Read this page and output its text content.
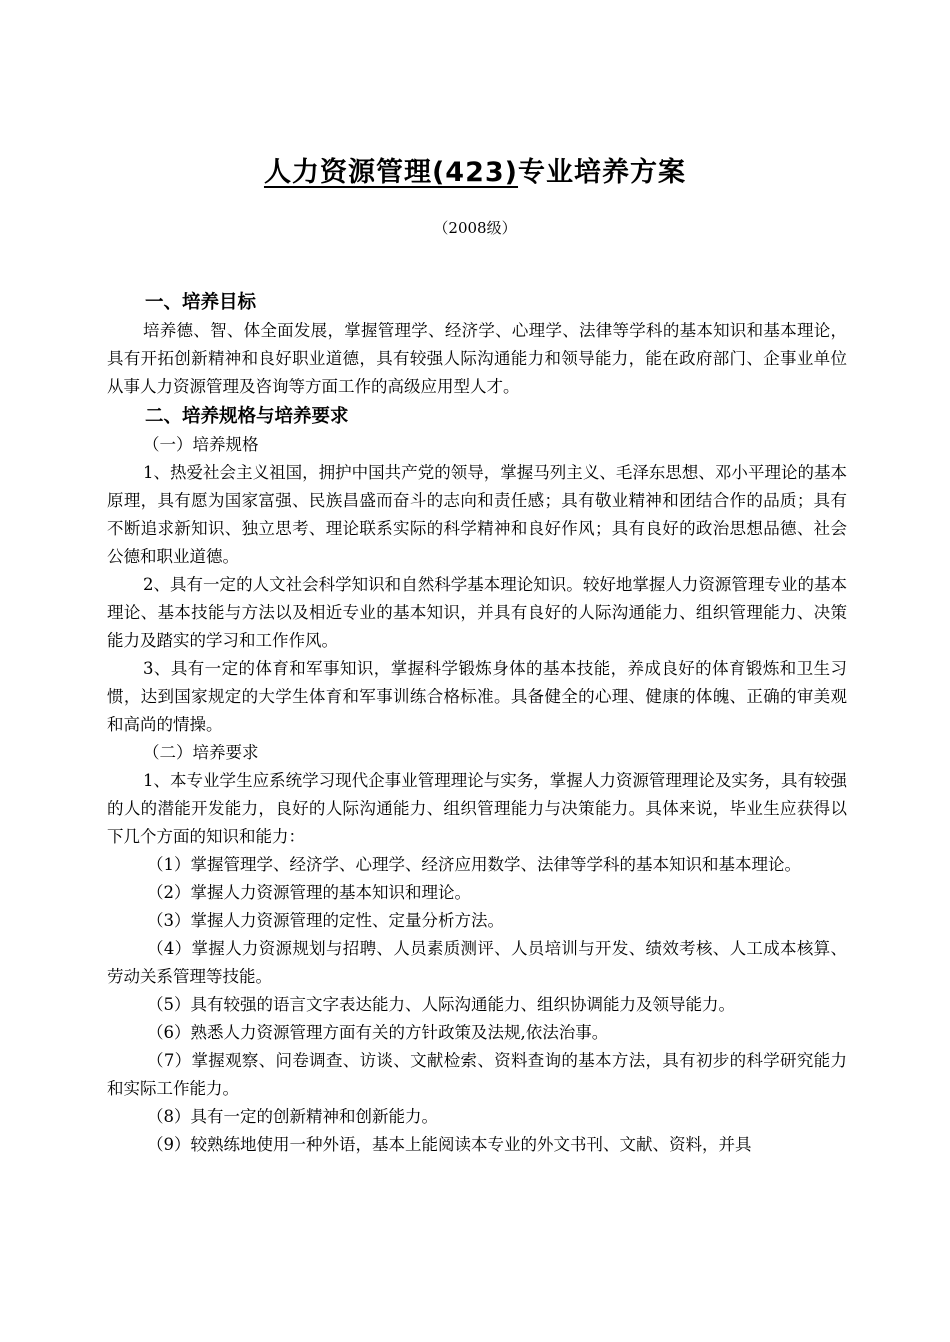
人力资源管理(423)专业培养方案
（2008级）
一、培养目标
培养德、智、体全面发展，掌握管理学、经济学、心理学、法律等学科的基本知识和基本理论，具有开拓创新精神和良好职业道德，具有较强人际沟通能力和领导能力，能在政府部门、企事业单位从事人力资源管理及咨询等方面工作的高级应用型人才。
二、培养规格与培养要求
（一）培养规格
1、热爱社会主义祖国，拥护中国共产党的领导，掌握马列主义、毛泽东思想、邓小平理论的基本原理，具有愿为国家富强、民族昌盛而奋斗的志向和责任感；具有敬业精神和团结合作的品质；具有不断追求新知识、独立思考、理论联系实际的科学精神和良好作风；具有良好的政治思想品德、社会公德和职业道德。
2、具有一定的人文社会科学知识和自然科学基本理论知识。较好地掌握人力资源管理专业的基本理论、基本技能与方法以及相近专业的基本知识，并具有良好的人际沟通能力、组织管理能力、决策能力及踏实的学习和工作作风。
3、具有一定的体育和军事知识，掌握科学锻炼身体的基本技能，养成良好的体育锻炼和卫生习惯，达到国家规定的大学生体育和军事训练合格标准。具备健全的心理、健康的体魄、正确的审美观和高尚的情操。
（二）培养要求
1、本专业学生应系统学习现代企事业管理理论与实务，掌握人力资源管理理论及实务，具有较强的人的潜能开发能力，良好的人际沟通能力、组织管理能力与决策能力。具体来说，毕业生应获得以下几个方面的知识和能力：
（1）掌握管理学、经济学、心理学、经济应用数学、法律等学科的基本知识和基本理论。
（2）掌握人力资源管理的基本知识和理论。
（3）掌握人力资源管理的定性、定量分析方法。
（4）掌握人力资源规划与招聘、人员素质测评、人员培训与开发、绩效考核、人工成本核算、劳动关系管理等技能。
（5）具有较强的语言文字表达能力、人际沟通能力、组织协调能力及领导能力。
（6）熟悉人力资源管理方面有关的方针政策及法规,依法治事。
（7）掌握观察、问卷调查、访谈、文献检索、资料查询的基本方法，具有初步的科学研究能力和实际工作能力。
（8）具有一定的创新精神和创新能力。
（9）较熟练地使用一种外语，基本上能阅读本专业的外文书刊、文献、资料，并具
